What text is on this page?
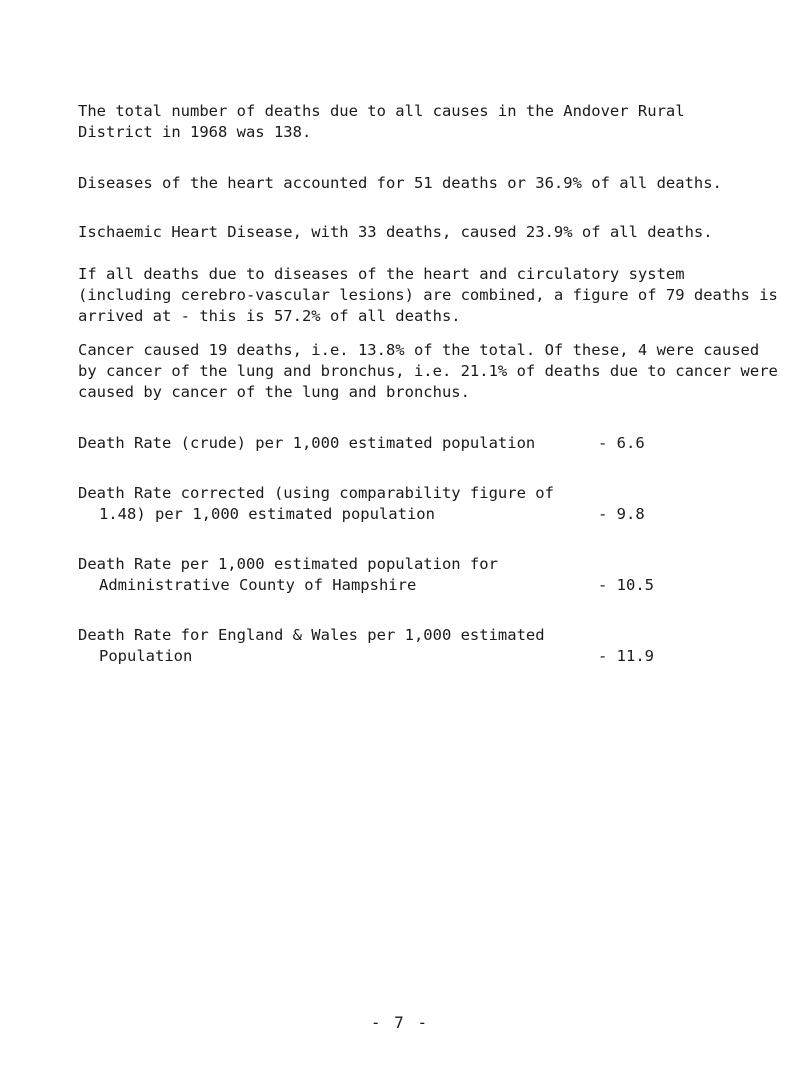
The total number of deaths due to all causes in the Andover Rural
District in 1968 was 138.
Diseases of the heart accounted for 51 deaths or 36.9% of all deaths.
Ischaemic Heart Disease, with 33 deaths, caused 23.9% of all deaths.
If all deaths due to diseases of the heart and circulatory system
(including cerebro-vascular lesions) are combined, a figure of 79 deaths is
arrived at - this is 57.2% of all deaths.
Cancer caused 19 deaths, i.e. 13.8% of the total. Of these, 4 were caused
by cancer of the lung and bronchus, i.e. 21.1% of deaths due to cancer were
caused by cancer of the lung and bronchus.
Death Rate (crude) per 1,000 estimated population	- 6.6
Death Rate corrected (using comparability figure of
1.48) per 1,000 estimated population	- 9.8
Death Rate per 1,000 estimated population for
Administrative County of Hampshire	- 10.5
Death Rate for England & Wales per 1,000 estimated
Population	- 11.9
- 7 -
